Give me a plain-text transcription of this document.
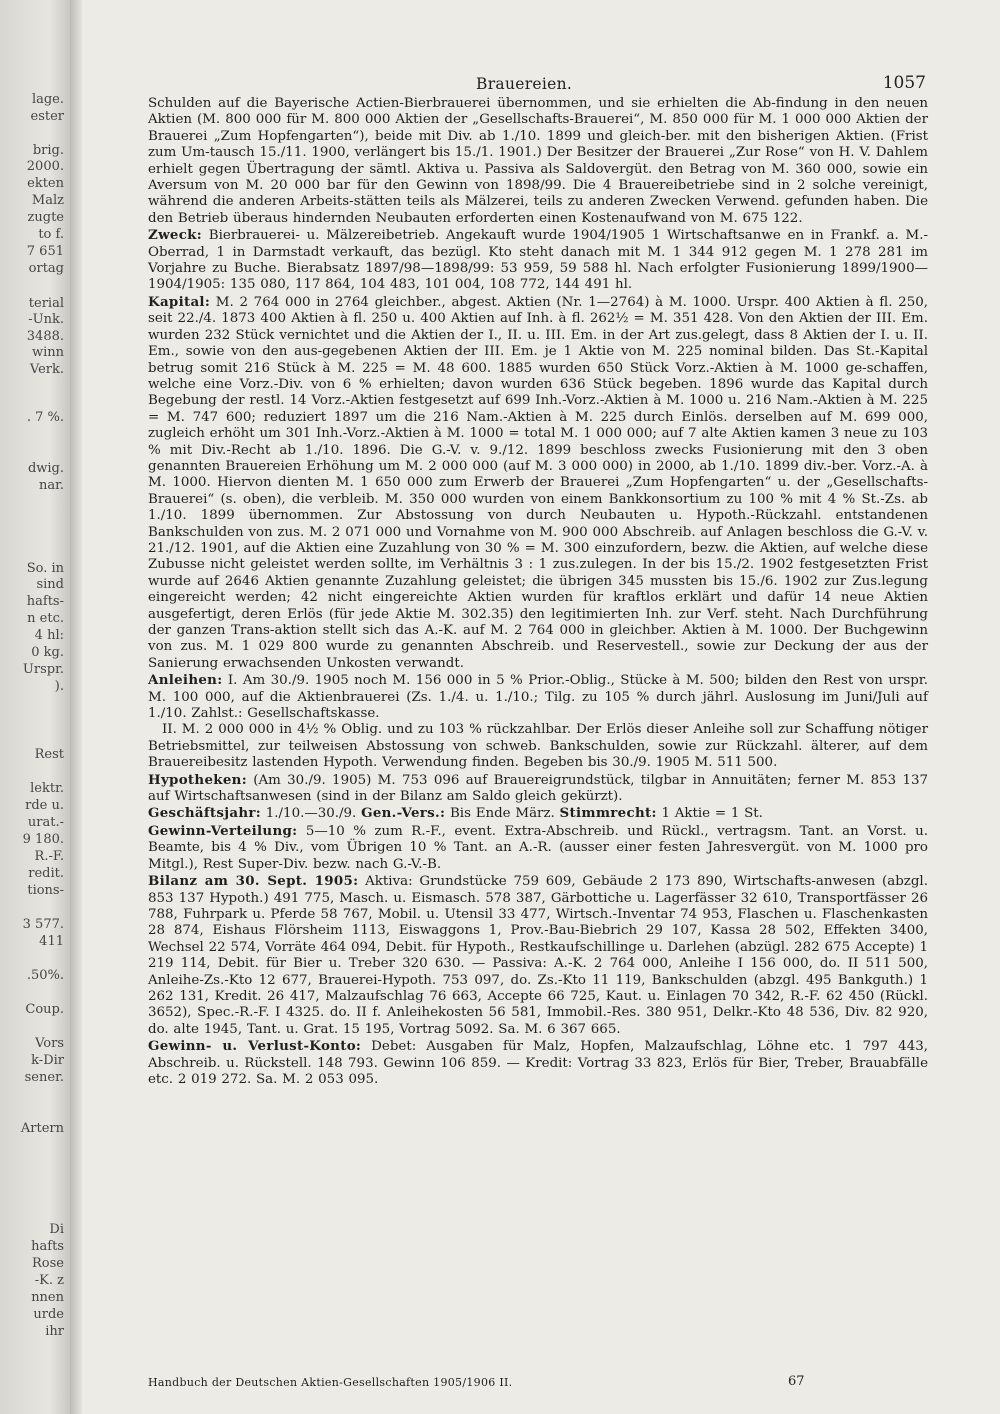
lage.
ester
brig.
2000.
ekten
Malz
zugte
to f.
7 651
ortag
terial
-Unk.
3488.
winn
Verk.
. 7 %.
dwig.
nar.
So. in
sind
hafts-
n etc.
4 hl:
0 kg.
Urspr.
).
Rest
lektr.
rde u.
urat.-
9 180.
R.-F.
redit.
tions-
3 577.
411
.50%.
Coup.
Vors
k-Dir
sener.
Artern
Di
hafts
Rose
-K. z
nnen
urde
ihr
Brauereien.	1057

Schulden auf die Bayerische Actien-Bierbrauerei übernommen, und sie erhielten die Ab-findung in den neuen Aktien (M. 800 000 für M. 800 000 Aktien der „Gesellschafts-Brauerei“, M. 850 000 für M. 1 000 000 Aktien der Brauerei „Zum Hopfengarten“), beide mit Div. ab 1./10. 1899 und gleich-ber. mit den bisherigen Aktien. (Frist zum Um-tausch 15./11. 1900, verlängert bis 15./1. 1901.) Der Besitzer der Brauerei „Zur Rose“ von H. V. Dahlem erhielt gegen Übertragung der sämtl. Aktiva u. Passiva als Saldovergüt. den Betrag von M. 360 000, sowie ein Aversum von M. 20 000 bar für den Gewinn von 1898/99. Die 4 Brauereibetriebe sind in 2 solche vereinigt, während die anderen Arbeits-stätten teils als Mälzerei, teils zu anderen Zwecken Verwend. gefunden haben. Die den Betrieb überaus hindernden Neubauten erforderten einen Kostenaufwand von M. 675 122.

Zweck: Bierbrauerei- u. Mälzereibetrieb. Angekauft wurde 1904/1905 1 Wirtschaftsanwe en in Frankf. a. M.-Oberrad, 1 in Darmstadt verkauft, das bezügl. Kto steht danach mit M. 1 344 912 gegen M. 1 278 281 im Vorjahre zu Buche. Bierabsatz 1897/98—1898/99: 53 959, 59 588 hl. Nach erfolgter Fusionierung 1899/1900—1904/1905: 135 080, 117 864, 104 483, 101 004, 108 772, 144 491 hl.

Kapital: M. 2 764 000 in 2764 gleichber., abgest. Aktien (Nr. 1—2764) à M. 1000. Urspr. 400 Aktien à fl. 250, seit 22./4. 1873 400 Aktien à fl. 250 u. 400 Aktien auf Inh. à fl. 262½ = M. 351 428. Von den Aktien der III. Em. wurden 232 Stück vernichtet und die Aktien der I., II. u. III. Em. in der Art zus.gelegt, dass 8 Aktien der I. u. II. Em., sowie von den aus-gegebenen Aktien der III. Em. je 1 Aktie von M. 225 nominal bilden. Das St.-Kapital betrug somit 216 Stück à M. 225 = M. 48 600. 1885 wurden 650 Stück Vorz.-Aktien à M. 1000 ge-schaffen, welche eine Vorz.-Div. von 6 % erhielten; davon wurden 636 Stück begeben. 1896 wurde das Kapital durch Begebung der restl. 14 Vorz.-Aktien festgesetzt auf 699 Inh.-Vorz.-Aktien à M. 1000 u. 216 Nam.-Aktien à M. 225 = M. 747 600; reduziert 1897 um die 216 Nam.-Aktien à M. 225 durch Einlös. derselben auf M. 699 000, zugleich erhöht um 301 Inh.-Vorz.-Aktien à M. 1000 = total M. 1 000 000; auf 7 alte Aktien kamen 3 neue zu 103 % mit Div.-Recht ab 1./10. 1896. Die G.-V. v. 9./12. 1899 beschloss zwecks Fusionierung mit den 3 oben genannten Brauereien Erhöhung um M. 2 000 000 (auf M. 3 000 000) in 2000, ab 1./10. 1899 div.-ber. Vorz.-A. à M. 1000. Hiervon dienten M. 1 650 000 zum Erwerb der Brauerei „Zum Hopfengarten“ u. der „Gesellschafts-Brauerei“ (s. oben), die verbleib. M. 350 000 wurden von einem Bankkonsortium zu 100 % mit 4 % St.-Zs. ab 1./10. 1899 übernommen. Zur Abstossung von durch Neubauten u. Hypoth.-Rückzahl. entstandenen Bankschulden von zus. M. 2 071 000 und Vornahme von M. 900 000 Abschreib. auf Anlagen beschloss die G.-V. v. 21./12. 1901, auf die Aktien eine Zuzahlung von 30 % = M. 300 einzufordern, bezw. die Aktien, auf welche diese Zubusse nicht geleistet werden sollte, im Verhältnis 3 : 1 zus.zulegen. In der bis 15./2. 1902 festgesetzten Frist wurde auf 2646 Aktien genannte Zuzahlung geleistet; die übrigen 345 mussten bis 15./6. 1902 zur Zus.legung eingereicht werden; 42 nicht eingereichte Aktien wurden für kraftlos erklärt und dafür 14 neue Aktien ausgefertigt, deren Erlös (für jede Aktie M. 302.35) den legitimierten Inh. zur Verf. steht. Nach Durchführung der ganzen Trans-aktion stellt sich das A.-K. auf M. 2 764 000 in gleichber. Aktien à M. 1000. Der Buchgewinn von zus. M. 1 029 800 wurde zu genannten Abschreib. und Reservestell., sowie zur Deckung der aus der Sanierung erwachsenden Unkosten verwandt.

Anleihen: I. Am 30./9. 1905 noch M. 156 000 in 5 % Prior.-Oblig., Stücke à M. 500; bilden den Rest von urspr. M. 100 000, auf die Aktienbrauerei (Zs. 1./4. u. 1./10.; Tilg. zu 105 % durch jährl. Auslosung im Juni/Juli auf 1./10. Zahlst.: Gesellschaftskasse.

II. M. 2 000 000 in 4½ % Oblig. und zu 103 % rückzahlbar. Der Erlös dieser Anleihe soll zur Schaffung nötiger Betriebsmittel, zur teilweisen Abstossung von schweb. Bankschulden, sowie zur Rückzahl. älterer, auf dem Brauereibesitz lastenden Hypoth. Verwendung finden. Begeben bis 30./9. 1905 M. 511 500.

Hypotheken: (Am 30./9. 1905) M. 753 096 auf Brauereigrundstück, tilgbar in Annuitäten; ferner M. 853 137 auf Wirtschaftsanwesen (sind in der Bilanz am Saldo gleich gekürzt).

Geschäftsjahr: 1./10.—30./9. Gen.-Vers.: Bis Ende März. Stimmrecht: 1 Aktie = 1 St.

Gewinn-Verteilung: 5—10 % zum R.-F., event. Extra-Abschreib. und Rückl., vertragsm. Tant. an Vorst. u. Beamte, bis 4 % Div., vom Übrigen 10 % Tant. an A.-R. (ausser einer festen Jahresvergüt. von M. 1000 pro Mitgl.), Rest Super-Div. bezw. nach G.-V.-B.

Bilanz am 30. Sept. 1905: Aktiva: Grundstücke 759 609, Gebäude 2 173 890, Wirtschafts-anwesen (abzgl. 853 137 Hypoth.) 491 775, Masch. u. Eismasch. 578 387, Gärbottiche u. Lagerfässer 32 610, Transportfässer 26 788, Fuhrpark u. Pferde 58 767, Mobil. u. Utensil 33 477, Wirtsch.-Inventar 74 953, Flaschen u. Flaschenkasten 28 874, Eishaus Flörsheim 1113, Eiswaggons 1, Prov.-Bau-Biebrich 29 107, Kassa 28 502, Effekten 3400, Wechsel 22 574, Vorräte 464 094, Debit. für Hypoth., Restkaufschillinge u. Darlehen (abzügl. 282 675 Accepte) 1 219 114, Debit. für Bier u. Treber 320 630. — Passiva: A.-K. 2 764 000, Anleihe I 156 000, do. II 511 500, Anleihe-Zs.-Kto 12 677, Brauerei-Hypoth. 753 097, do. Zs.-Kto 11 119, Bankschulden (abzgl. 495 Bankguth.) 1 262 131, Kredit. 26 417, Malzaufschlag 76 663, Accepte 66 725, Kaut. u. Einlagen 70 342, R.-F. 62 450 (Rückl. 3652), Spec.-R.-F. I 4325. do. II f. Anleihekosten 56 581, Immobil.-Res. 380 951, Delkr.-Kto 48 536, Div. 82 920, do. alte 1945, Tant. u. Grat. 15 195, Vortrag 5092. Sa. M. 6 367 665.

Gewinn- u. Verlust-Konto: Debet: Ausgaben für Malz, Hopfen, Malzaufschlag, Löhne etc. 1 797 443, Abschreib. u. Rückstell. 148 793. Gewinn 106 859. — Kredit: Vortrag 33 823, Erlös für Bier, Treber, Brauabfälle etc. 2 019 272. Sa. M. 2 053 095.

Handbuch der Deutschen Aktien-Gesellschaften 1905/1906 II.	67
